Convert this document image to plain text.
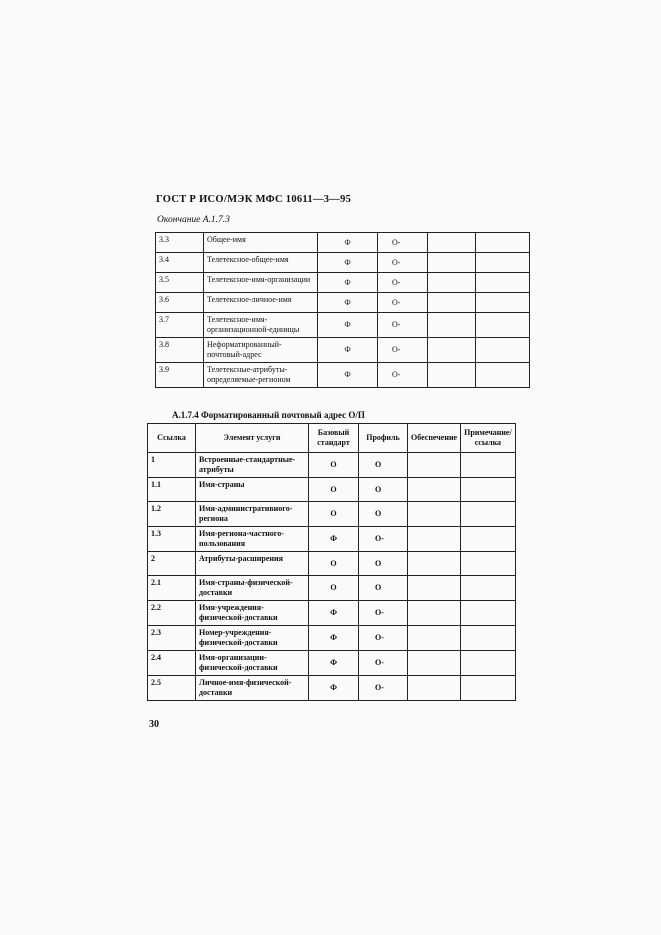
ГОСТ Р ИСО/МЭК МФС 10611—3—95
Окончание А.1.7.3
3.3	Общее-имя	Ф	О-		
3.4	Телетексное-общее-имя	Ф	О-		
3.5	Телетексное-имя-организации	Ф	О-		
3.6	Телетексное-личное-имя	Ф	О-		
3.7	Телетексное-имя-организационной-единицы	Ф	О-		
3.8	Неформатированный-почтовый-адрес	Ф	О-		
3.9	Телетексные-атрибуты-определяемые-регионом	Ф	О-		
А.1.7.4 Форматированный почтовый адрес О/П
Ссылка	Элемент услуги	Базовый стандарт	Профиль	Обеспечение	Примечание/ссылка
1	Встроенные-стандартные-атрибуты	О	О		
1.1	Имя-страны	О	О		
1.2	Имя-административного-региона	О	О		
1.3	Имя-региона-частного-пользования	Ф	О-		
2	Атрибуты-расширения	О	О		
2.1	Имя-страны-физической-доставки	О	О		
2.2	Имя-учреждения-физической-доставки	Ф	О-		
2.3	Номер-учреждения-физической-доставки	Ф	О-		
2.4	Имя-организации-физической-доставки	Ф	О-		
2.5	Личное-имя-физической-доставки	Ф	О-		
30
